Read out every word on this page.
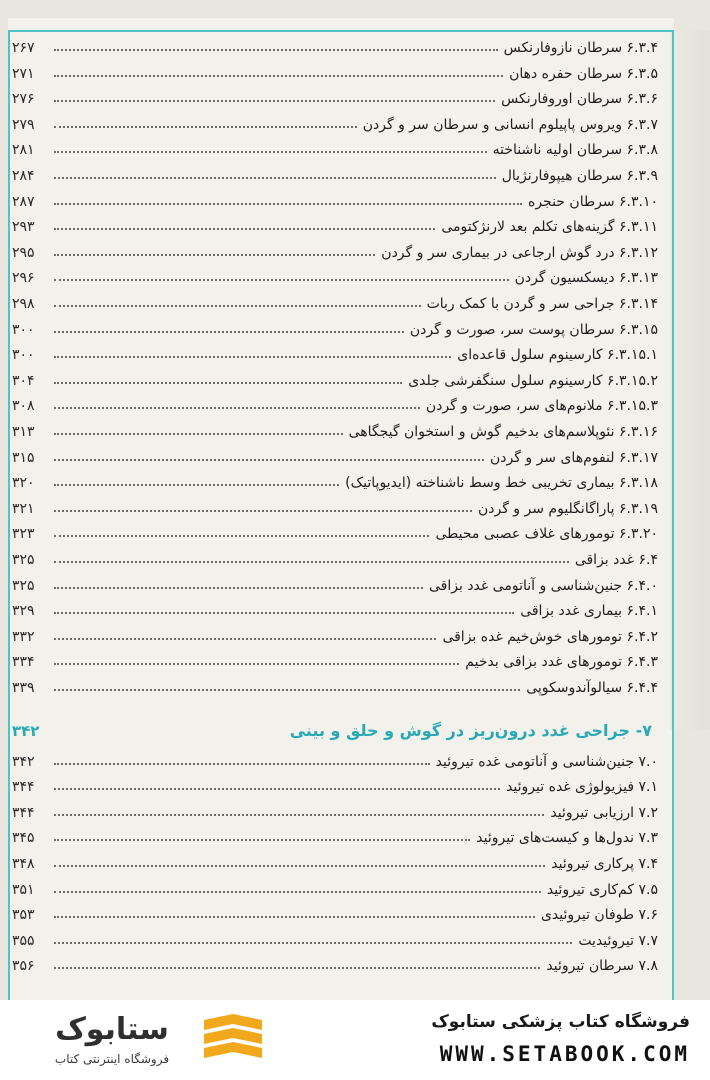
۶.۳.۴ سرطان نازوفارنکس
۲۶۷
۶.۳.۵ سرطان حفره دهان
۲۷۱
۶.۳.۶ سرطان اوروفارنکس
۲۷۶
۶.۳.۷ ویروس پاپیلوم انسانی و سرطان سر و گردن
۲۷۹
۶.۳.۸ سرطان اولیه ناشناخته
۲۸۱
۶.۳.۹ سرطان هیپوفارنژیال
۲۸۴
۶.۳.۱۰ سرطان حنجره
۲۸۷
۶.۳.۱۱ گزینه‌های تکلم بعد لارنژکتومی
۲۹۳
۶.۳.۱۲ درد گوش ارجاعی در بیماری سر و گردن
۲۹۵
۶.۳.۱۳ دیسکسیون گردن
۲۹۶
۶.۳.۱۴ جراحی سر و گردن با کمک ربات
۲۹۸
۶.۳.۱۵ سرطان پوست سر، صورت و گردن
۳۰۰
۶.۳.۱۵.۱ کارسینوم سلول قاعده‌ای
۳۰۰
۶.۳.۱۵.۲ کارسینوم سلول سنگفرشی جلدی
۳۰۴
۶.۳.۱۵.۳ ملانوم‌های سر، صورت و گردن
۳۰۸
۶.۳.۱۶ نئوپلاسم‌های بدخیم گوش و استخوان گیجگاهی
۳۱۳
۶.۳.۱۷ لنفوم‌های سر و گردن
۳۱۵
۶.۳.۱۸ بیماری تخریبی خط وسط ناشناخته (ایدیوپاتیک)
۳۲۰
۶.۳.۱۹ پاراگانگلیوم سر و گردن
۳۲۱
۶.۳.۲۰ تومورهای غلاف عصبی محیطی
۳۲۳
۶.۴ غدد بزاقی
۳۲۵
۶.۴.۰ جنین‌شناسی و آناتومی غدد بزاقی
۳۲۵
۶.۴.۱ بیماری غدد بزاقی
۳۲۹
۶.۴.۲ تومورهای خوش‌خیم غده بزاقی
۳۳۲
۶.۴.۳ تومورهای غدد بزاقی بدخیم
۳۳۴
۶.۴.۴ سیالوآندوسکوپی
۳۳۹
۷- جراحی غدد درون‌ریز در گوش و حلق و بینی
۳۴۲
۷.۰ جنین‌شناسی و آناتومی غده تیروئید
۳۴۲
۷.۱ فیزیولوژی غده تیروئید
۳۴۴
۷.۲ ارزیابی تیروئید
۳۴۴
۷.۳ ندول‌ها و کیست‌های تیروئید
۳۴۵
۷.۴ پرکاری تیروئید
۳۴۸
۷.۵ کم‌کاری تیروئید
۳۵۱
۷.۶ طوفان تیروئیدی
۳۵۳
۷.۷ تیروئیدیت
۳۵۵
۷.۸ سرطان تیروئید
۳۵۶
ستابوک
فروشگاه اینترنتی کتاب
فروشگاه کتاب پزشکی ستابوک
WWW.SETABOOK.COM
